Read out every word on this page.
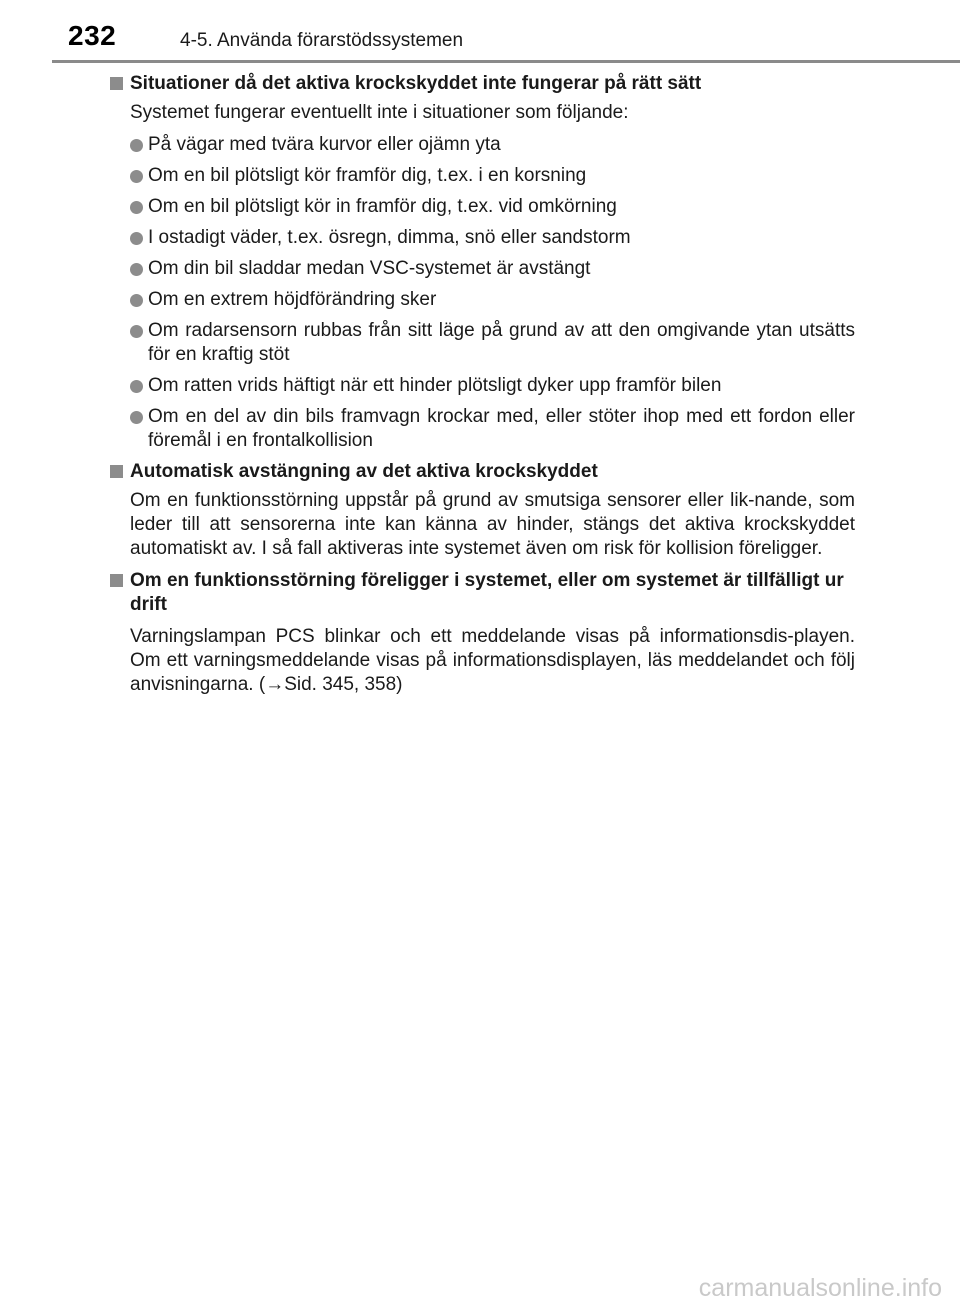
232	4-5. Använda förarstödssystemen
Situationer då det aktiva krockskyddet inte fungerar på rätt sätt

Systemet fungerar eventuellt inte i situationer som följande:

På vägar med tvära kurvor eller ojämn yta
Om en bil plötsligt kör framför dig, t.ex. i en korsning
Om en bil plötsligt kör in framför dig, t.ex. vid omkörning
I ostadigt väder, t.ex. ösregn, dimma, snö eller sandstorm
Om din bil sladdar medan VSC-systemet är avstängt
Om en extrem höjdförändring sker
Om radarsensorn rubbas från sitt läge på grund av att den omgivande ytan utsätts för en kraftig stöt
Om ratten vrids häftigt när ett hinder plötsligt dyker upp framför bilen
Om en del av din bils framvagn krockar med, eller stöter ihop med ett fordon eller föremål i en frontalkollision
Automatisk avstängning av det aktiva krockskyddet

Om en funktionsstörning uppstår på grund av smutsiga sensorer eller lik-nande, som leder till att sensorerna inte kan känna av hinder, stängs det aktiva krockskyddet automatiskt av. I så fall aktiveras inte systemet även om risk för kollision föreligger.

Om en funktionsstörning föreligger i systemet, eller om systemet är tillfälligt ur drift

Varningslampan PCS blinkar och ett meddelande visas på informationsdis-playen. Om ett varningsmeddelande visas på informationsdisplayen, läs meddelandet och följ anvisningarna. (→Sid. 345, 358)

carmanualsonline.info
